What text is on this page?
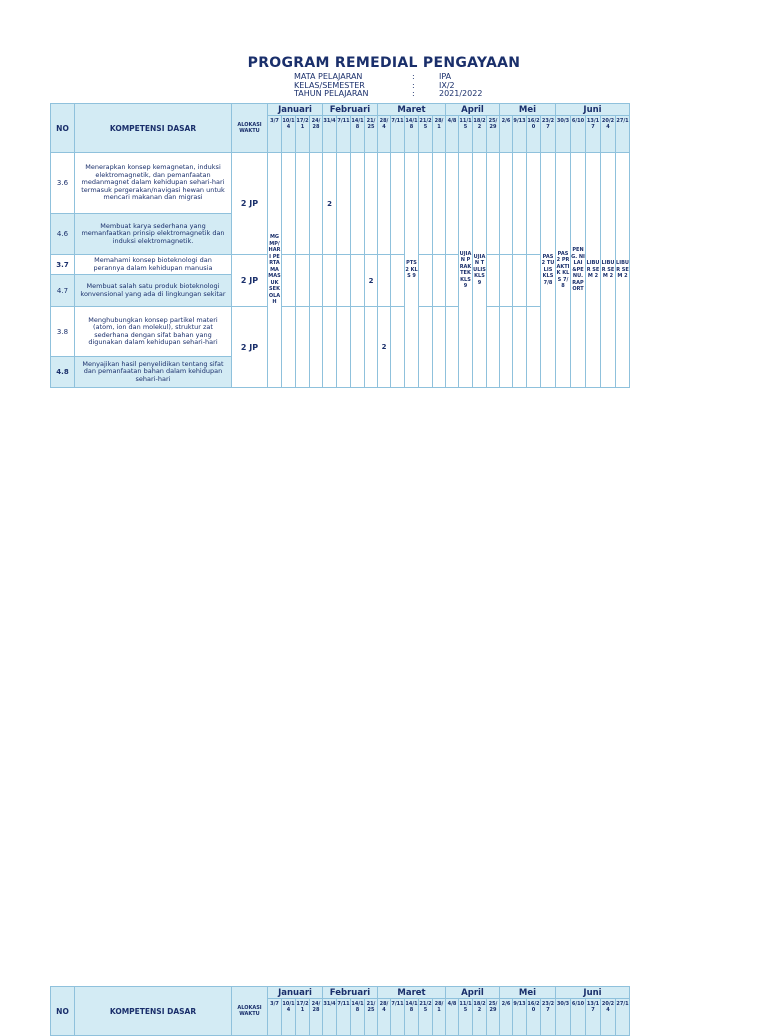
PROGRAM REMEDIAL PENGAYAAN
MATA PELAJARAN	:	IPA
KELAS/SEMESTER	:	IX/2
TAHUN PELAJARAN	:	2021/2022
NO	KOMPETENSI DASAR	ALOKASI WAKTU	Januari				Februari				Maret					April				Mei				Juni				
			3/7	10/14	17/21	24/28	31/4	7/11	14/18	21/25	28/4	7/11	14/18	21/25	28/1	4/8	11/15	18/22	25/29	2/6	9/13	16/20	23/27	30/3	6/10	13/17	20/24	27/1
3.6	Menerapkan konsep kemagnetan, induksi elektromagnetik, dan pemanfaatan medanmagnet dalam kehidupan sehari-hari termasuk pergerakan/navigasi hewan untuk mencari makanan dan migrasi	2 JP	MGMP/HARI PERTAMA MASUK SEKOLAH				2						PTS 2 KLS 9				UJIAN PRAKTEK KLS 9	UJIAN TULIS KLS 9					PAS 2 TULIS KLS 7/8	PAS 2 PRAKTIK KLS 7/8	PENG. NILAI &PENU. RAPORT	LIBUR SEM 2	LIBUR SEM 2	LIBUR SEM 2
4.6	Membuat karya sederhana yang memanfaatkan prinsip elektromagnetik dan induksi elektromagnetik.																											
3.7	Memahami konsep bioteknologi dan perannya dalam kehidupan manusia	2 JP								2																		
4.7	Membuat salah satu produk bioteknologi konvensional yang ada di lingkungan sekitar																											
3.8	Menghubungkan konsep partikel materi (atom, ion dan molekul), struktur zat sederhana dengan sifat bahan yang digunakan dalam kehidupan sehari-hari	2 JP									2																	
4.8	Menyajikan hasil penyelidikan tentang sifat dan pemanfaatan bahan dalam kehidupan sehari-hari																											
NO	KOMPETENSI DASAR	ALOKASI WAKTU	Januari				Februari				Maret					April				Mei				Juni				
			3/7	10/14	17/21	24/28	31/4	7/11	14/18	21/25	28/4	7/11	14/18	21/25	28/1	4/8	11/15	18/22	25/29	2/6	9/13	16/20	23/27	30/3	6/10	13/17	20/24	27/1
